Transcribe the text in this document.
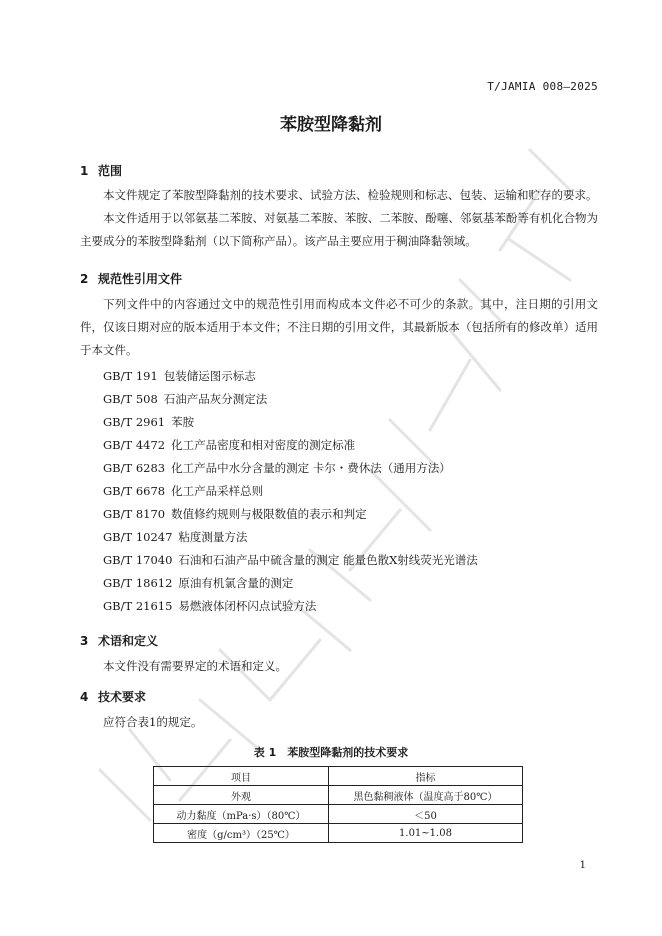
T/JAMIA 008—2025
苯胺型降黏剂
1 范围
本文件规定了苯胺型降黏剂的技术要求、试验方法、检验规则和标志、包装、运输和贮存的要求。
本文件适用于以邻氨基二苯胺、对氨基二苯胺、苯胺、二苯胺、酚噻、邻氨基苯酚等有机化合物为主要成分的苯胺型降黏剂（以下简称产品）。该产品主要应用于稠油降黏领域。
2 规范性引用文件
下列文件中的内容通过文中的规范性引用而构成本文件必不可少的条款。其中，注日期的引用文件，仅该日期对应的版本适用于本文件；不注日期的引用文件，其最新版本（包括所有的修改单）适用于本文件。
GB/T 191 包装储运图示标志
GB/T 508 石油产品灰分测定法
GB/T 2961 苯胺
GB/T 4472 化工产品密度和相对密度的测定标准
GB/T 6283 化工产品中水分含量的测定 卡尔・费休法（通用方法）
GB/T 6678 化工产品采样总则
GB/T 8170 数值修约规则与极限数值的表示和判定
GB/T 10247 粘度测量方法
GB/T 17040 石油和石油产品中硫含量的测定 能量色散X射线荧光光谱法
GB/T 18612 原油有机氯含量的测定
GB/T 21615 易燃液体闭杯闪点试验方法
3 术语和定义
本文件没有需要界定的术语和定义。
4 技术要求
应符合表1的规定。
表 1　苯胺型降黏剂的技术要求
项目	指标
外观	黑色黏稠液体（温度高于80℃）
动力黏度（mPa·s）（80℃）	＜50
密度（g/cm³）（25℃）	1.01~1.08
1
